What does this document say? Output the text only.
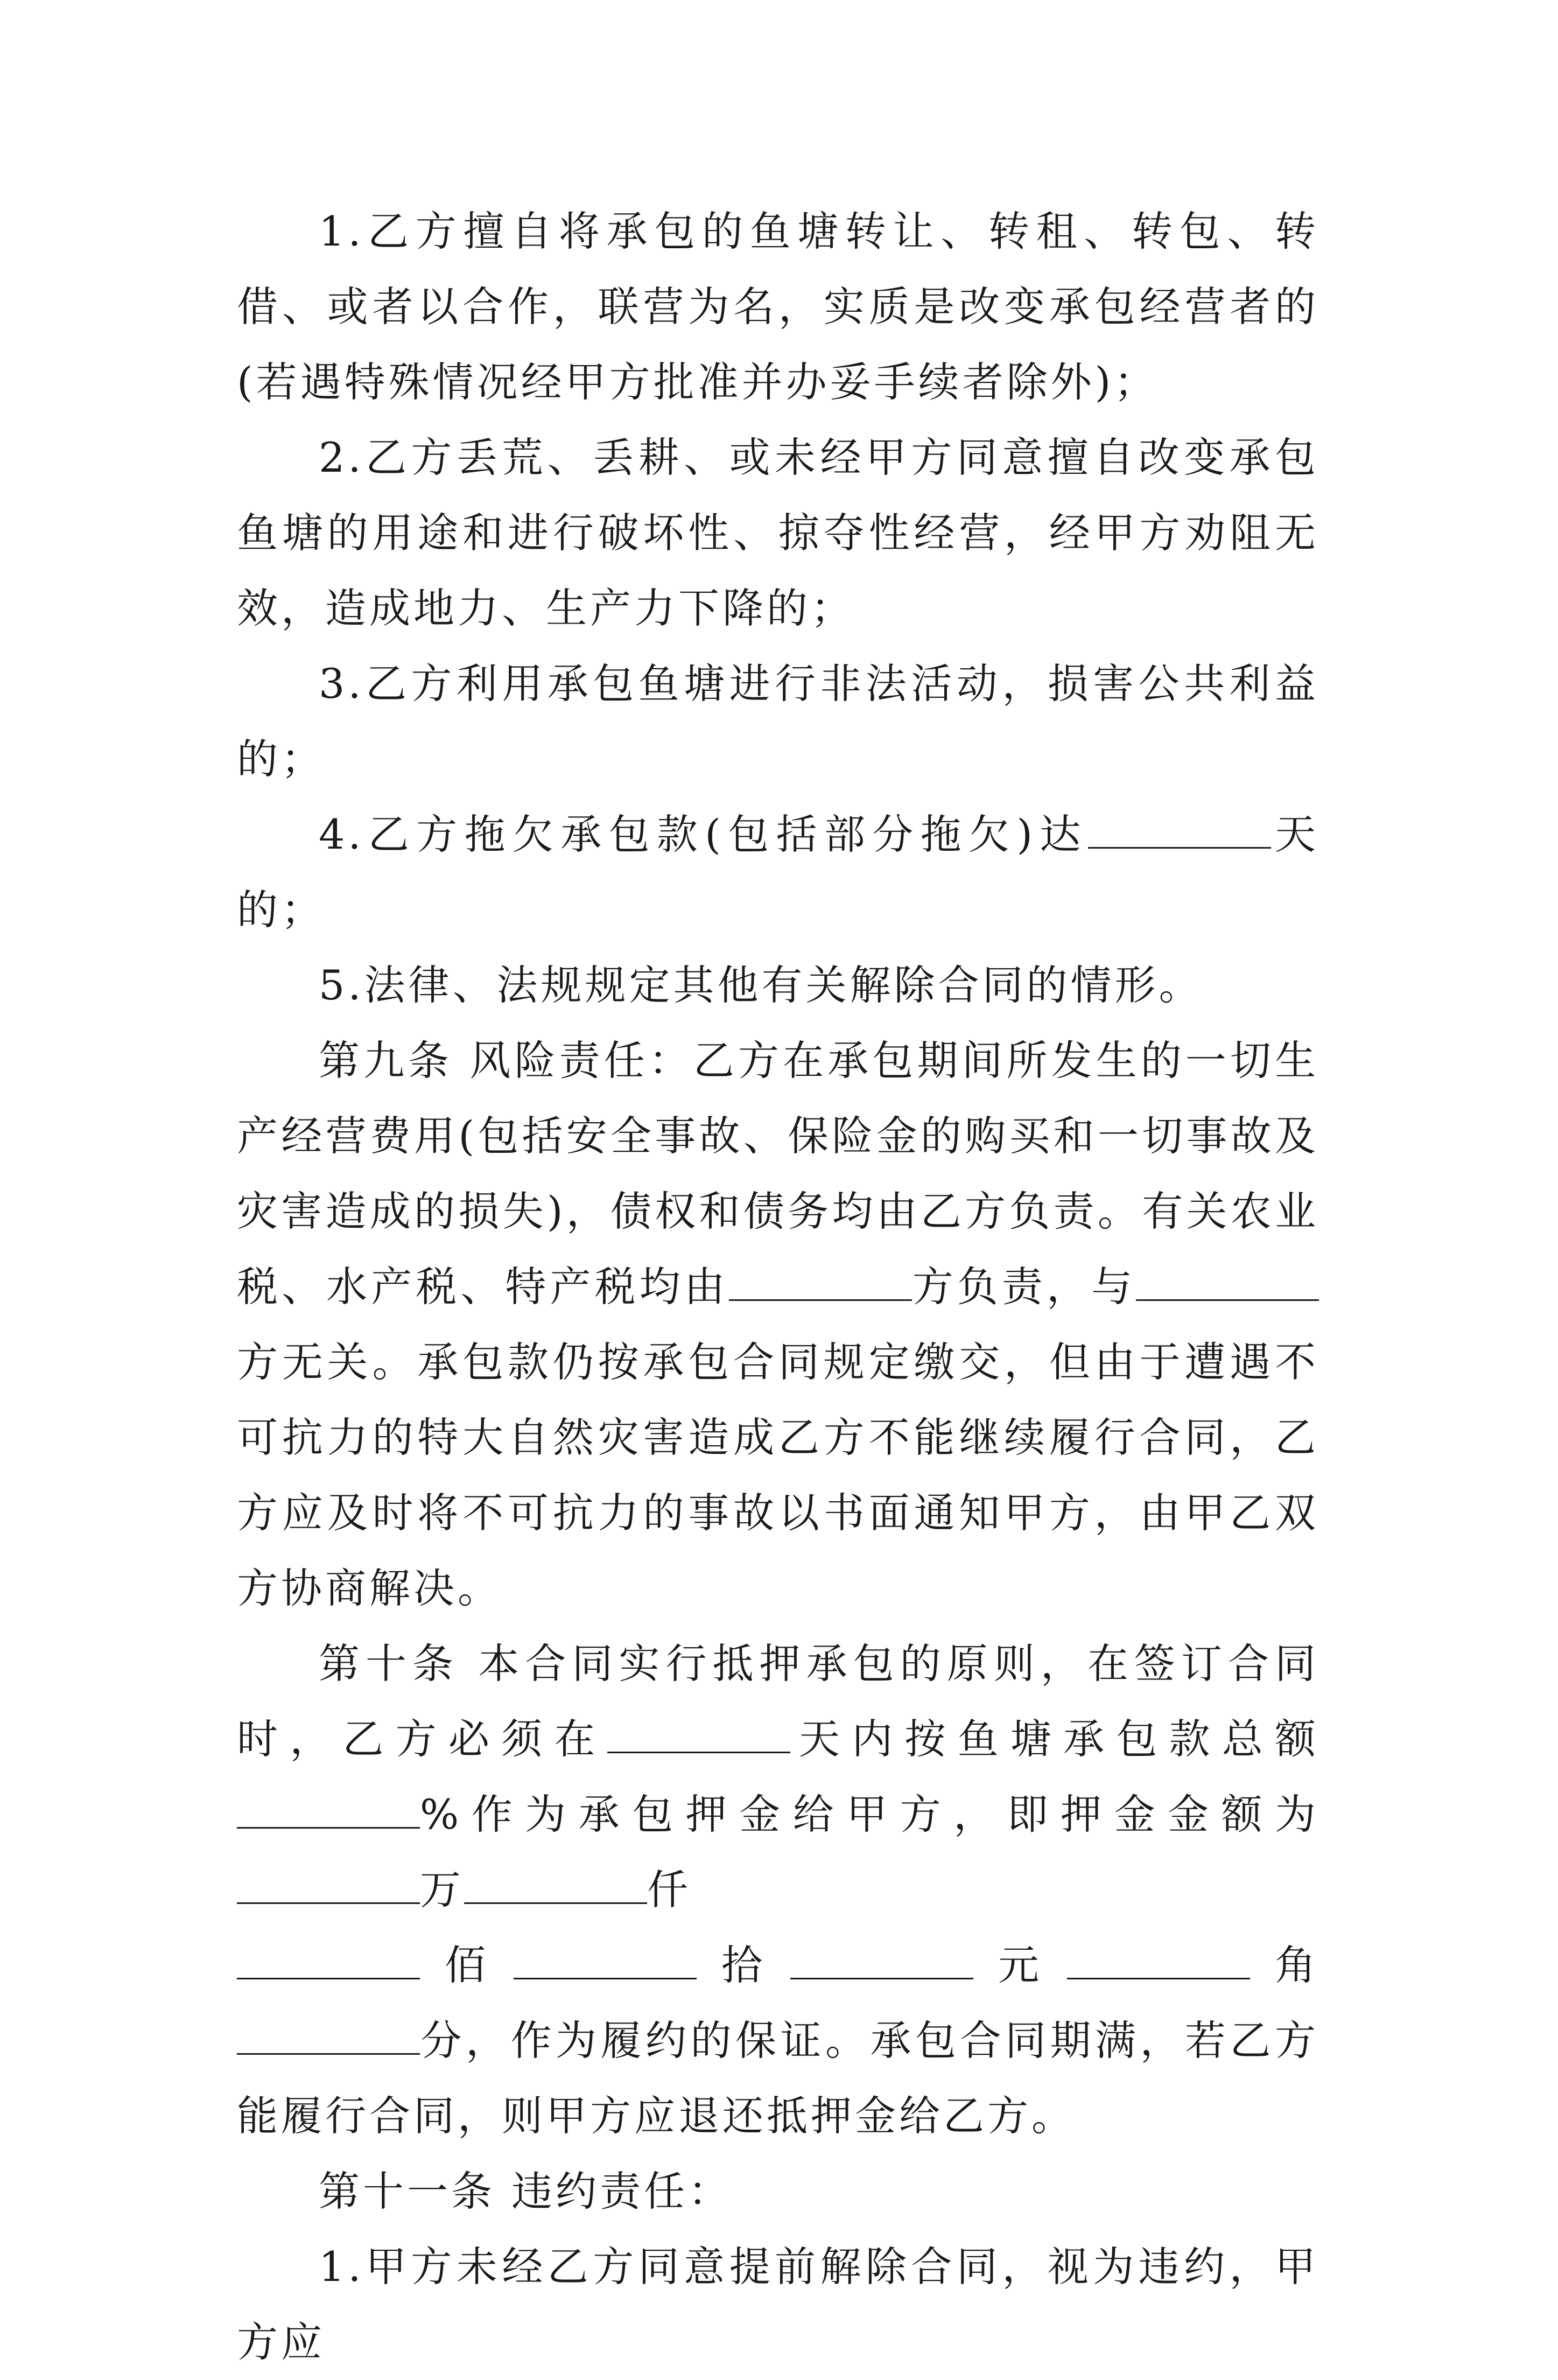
1.乙方擅自将承包的鱼塘转让、转租、转包、转借、或者以合作，联营为名，实质是改变承包经营者的(若遇特殊情况经甲方批准并办妥手续者除外)；

2.乙方丢荒、丢耕、或未经甲方同意擅自改变承包鱼塘的用途和进行破坏性、掠夺性经营，经甲方劝阻无效，造成地力、生产力下降的；

3.乙方利用承包鱼塘进行非法活动，损害公共利益的；

4.乙方拖欠承包款(包括部分拖欠)达	天的；

5.法律、法规规定其他有关解除合同的情形。

第九条 风险责任：乙方在承包期间所发生的一切生产经营费用(包括安全事故、保险金的购买和一切事故及灾害造成的损失)，债权和债务均由乙方负责。有关农业税、水产税、特产税均由	方负责，与方无关。承包款仍按承包合同规定缴交，但由于遭遇不可抗力的特大自然灾害造成乙方不能继续履行合同，乙方应及时将不可抗力的事故以书面通知甲方，由甲乙双方协商解决。

第十条 本合同实行抵押承包的原则，在签订合同时，乙方必须在	天内按鱼塘承包款总额%作为承包押金给甲方，即押金金额为万	仟

佰	拾	元	角

分，作为履约的保证。承包合同期满，若乙方能履行合同，则甲方应退还抵押金给乙方。

第十一条 违约责任：

1.甲方未经乙方同意提前解除合同，视为违约，甲方应
